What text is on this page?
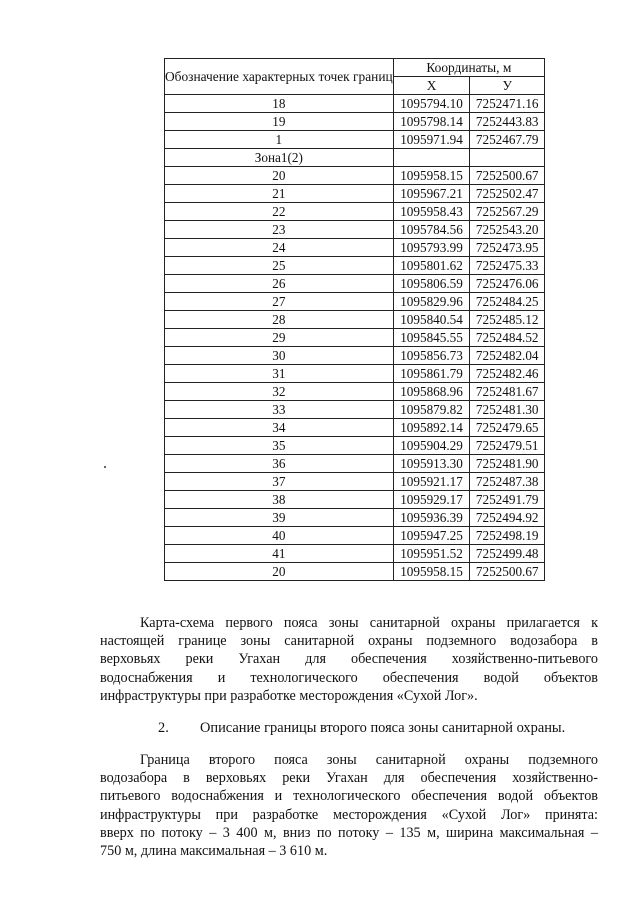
Обозначение характерных точек границ	Координаты, м	
	X	У
18	1095794.10	7252471.16
19	1095798.14	7252443.83
1	1095971.94	7252467.79
Зона1(2)		
20	1095958.15	7252500.67
21	1095967.21	7252502.47
22	1095958.43	7252567.29
23	1095784.56	7252543.20
24	1095793.99	7252473.95
25	1095801.62	7252475.33
26	1095806.59	7252476.06
27	1095829.96	7252484.25
28	1095840.54	7252485.12
29	1095845.55	7252484.52
30	1095856.73	7252482.04
31	1095861.79	7252482.46
32	1095868.96	7252481.67
33	1095879.82	7252481.30
34	1095892.14	7252479.65
35	1095904.29	7252479.51
36	1095913.30	7252481.90
37	1095921.17	7252487.38
38	1095929.17	7252491.79
39	1095936.39	7252494.92
40	1095947.25	7252498.19
41	1095951.52	7252499.48
20	1095958.15	7252500.67
Карта-схема первого пояса зоны санитарной охраны прилагается к
настоящей границе зоны санитарной охраны подземного водозабора в
верховьях реки Угахан для обеспечения хозяйственно-питьевого
водоснабжения и технологического обеспечения водой объектов
инфраструктуры при разработке месторождения «Сухой Лог».
2. Описание границы второго пояса зоны санитарной охраны.
Граница второго пояса зоны санитарной охраны подземного
водозабора в верховьях реки Угахан для обеспечения хозяйственно-
питьевого водоснабжения и технологического обеспечения водой объектов
инфраструктуры при разработке месторождения «Сухой Лог» принята:
вверх по потоку – 3 400 м, вниз по потоку – 135 м, ширина максимальная –
750 м, длина максимальная – 3 610 м.
